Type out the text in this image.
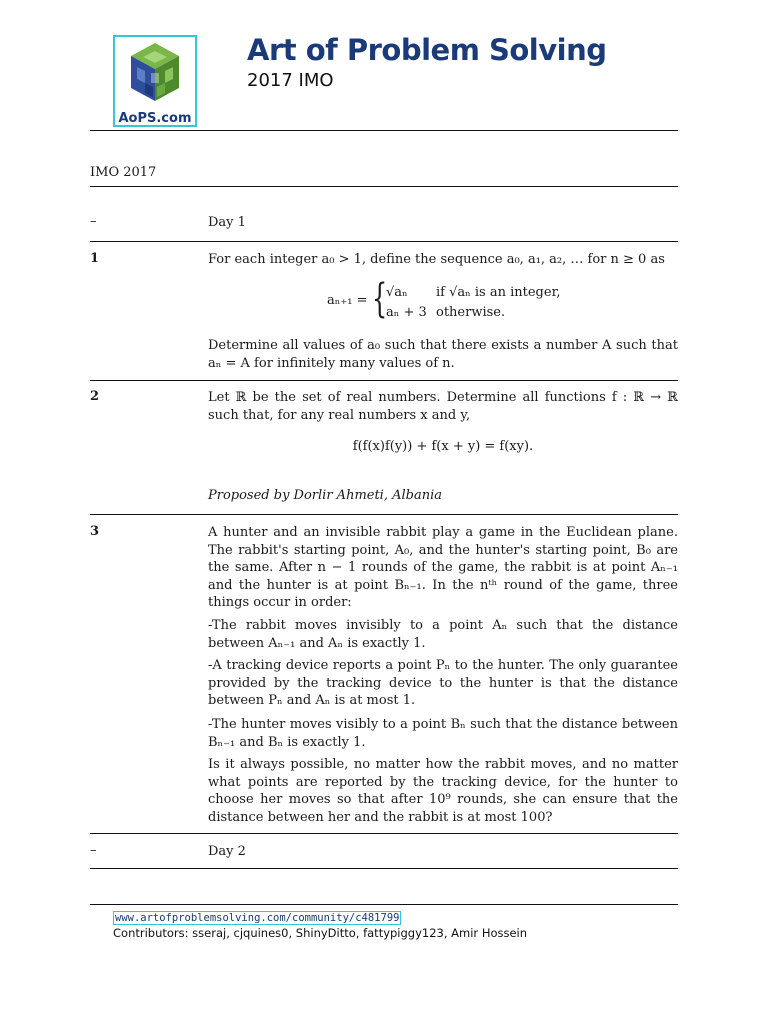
AoPS.com
Art of Problem Solving
2017 IMO
IMO 2017
–	Day 1
1	For each integer a₀ > 1, define the sequence a₀, a₁, a₂, … for n ≥ 0 as
aₙ₊₁ = {
√aₙ if √aₙ is an integer,
aₙ + 3 otherwise.
Determine all values of a₀ such that there exists a number A such that aₙ = A for infinitely many values of n.
2	Let ℝ be the set of real numbers. Determine all functions f : ℝ → ℝ such that, for any real numbers x and y,
f(f(x)f(y)) + f(x + y) = f(xy).
Proposed by Dorlir Ahmeti, Albania
3	A hunter and an invisible rabbit play a game in the Euclidean plane. The rabbit's starting point, A₀, and the hunter's starting point, B₀ are the same. After n − 1 rounds of the game, the rabbit is at point Aₙ₋₁ and the hunter is at point Bₙ₋₁. In the nᵗʰ round of the game, three things occur in order:
-The rabbit moves invisibly to a point Aₙ such that the distance between Aₙ₋₁ and Aₙ is exactly 1.
-A tracking device reports a point Pₙ to the hunter. The only guarantee provided by the tracking device to the hunter is that the distance between Pₙ and Aₙ is at most 1.
-The hunter moves visibly to a point Bₙ such that the distance between Bₙ₋₁ and Bₙ is exactly 1.
Is it always possible, no matter how the rabbit moves, and no matter what points are reported by the tracking device, for the hunter to choose her moves so that after 10⁹ rounds, she can ensure that the distance between her and the rabbit is at most 100?
–	Day 2
www.artofproblemsolving.com/community/c481799
Contributors: sseraj, cjquines0, ShinyDitto, fattypiggy123, Amir Hossein
